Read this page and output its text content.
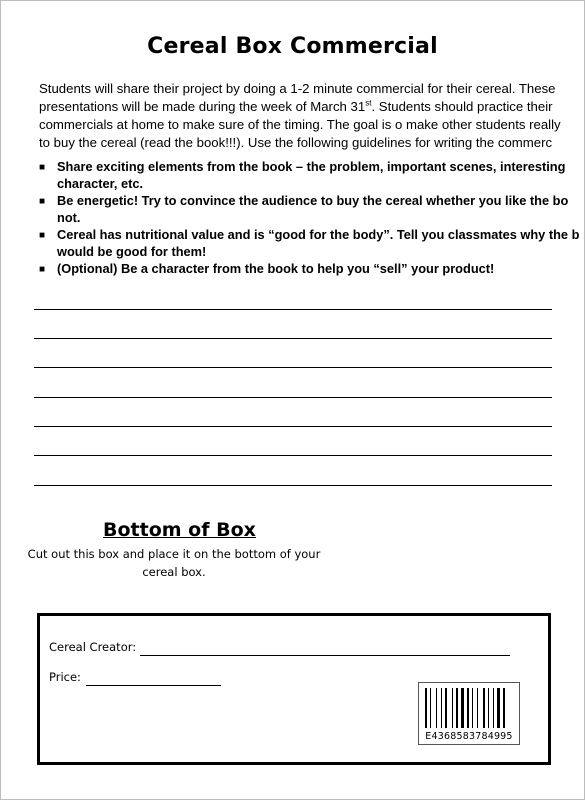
Cereal Box Commercial
Students will share their project by doing a 1-2 minute commercial for their cereal. These
presentations will be made during the week of March 31st. Students should practice their
commercials at home to make sure of the timing. The goal is o make other students really
to buy the cereal (read the book!!!). Use the following guidelines for writing the commerc
■ Share exciting elements from the book – the problem, important scenes, interesting
character, etc.
■ Be energetic! Try to convince the audience to buy the cereal whether you like the bo
not.
■ Cereal has nutritional value and is “good for the body”. Tell you classmates why the b
would be good for them!
■ (Optional) Be a character from the book to help you “sell” your product!
Bottom of Box
Cut out this box and place it on the bottom of your
cereal box.
Cereal Creator:
Price:
E4368583784995
